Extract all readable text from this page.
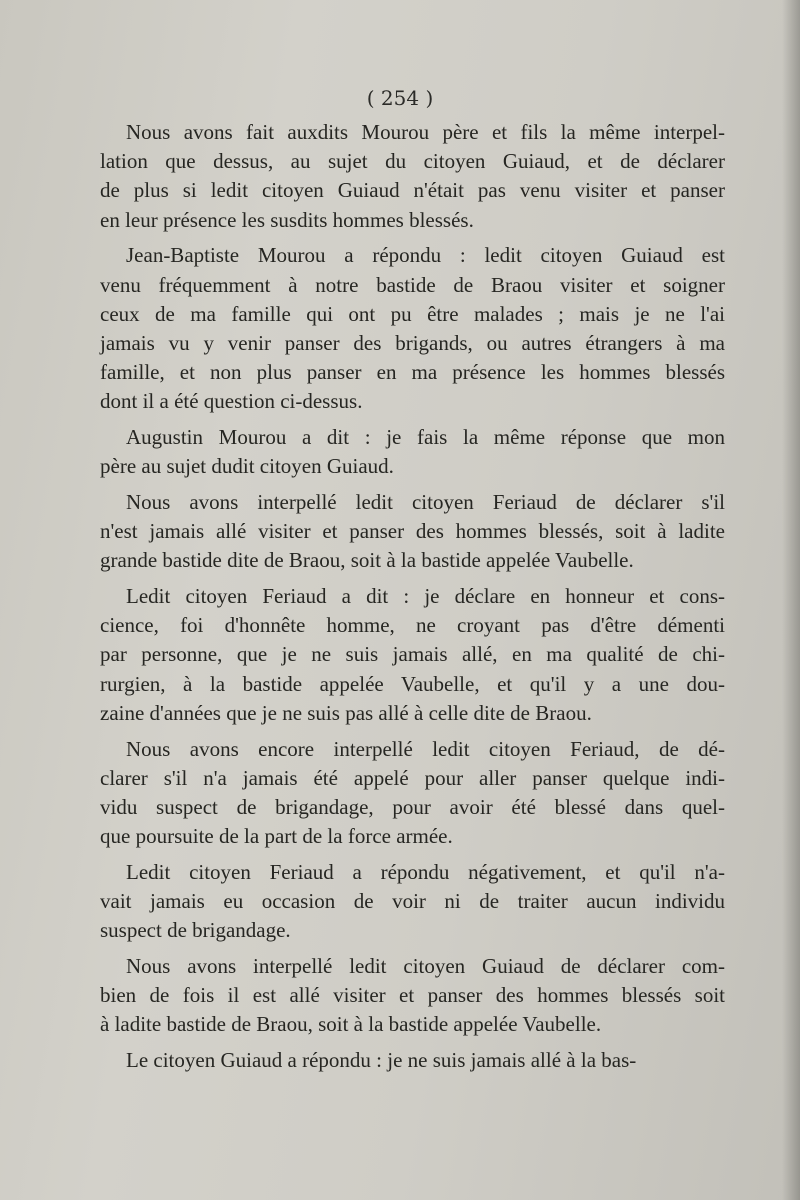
( 254 )
Nous avons fait auxdits Mourou père et fils la même interpel-
lation que dessus, au sujet du citoyen Guiaud, et de déclarer
de plus si ledit citoyen Guiaud n'était pas venu visiter et panser
en leur présence les susdits hommes blessés.
Jean-Baptiste Mourou a répondu : ledit citoyen Guiaud est
venu fréquemment à notre bastide de Braou visiter et soigner
ceux de ma famille qui ont pu être malades ; mais je ne l'ai
jamais vu y venir panser des brigands, ou autres étrangers à ma
famille, et non plus panser en ma présence les hommes blessés
dont il a été question ci-dessus.
Augustin Mourou a dit : je fais la même réponse que mon
père au sujet dudit citoyen Guiaud.
Nous avons interpellé ledit citoyen Feriaud de déclarer s'il
n'est jamais allé visiter et panser des hommes blessés, soit à ladite
grande bastide dite de Braou, soit à la bastide appelée Vaubelle.
Ledit citoyen Feriaud a dit : je déclare en honneur et cons-
cience, foi d'honnête homme, ne croyant pas d'être démenti
par personne, que je ne suis jamais allé, en ma qualité de chi-
rurgien, à la bastide appelée Vaubelle, et qu'il y a une dou-
zaine d'années que je ne suis pas allé à celle dite de Braou.
Nous avons encore interpellé ledit citoyen Feriaud, de dé-
clarer s'il n'a jamais été appelé pour aller panser quelque indi-
vidu suspect de brigandage, pour avoir été blessé dans quel-
que poursuite de la part de la force armée.
Ledit citoyen Feriaud a répondu négativement, et qu'il n'a-
vait jamais eu occasion de voir ni de traiter aucun individu
suspect de brigandage.
Nous avons interpellé ledit citoyen Guiaud de déclarer com-
bien de fois il est allé visiter et panser des hommes blessés soit
à ladite bastide de Braou, soit à la bastide appelée Vaubelle.
Le citoyen Guiaud a répondu : je ne suis jamais allé à la bas-
